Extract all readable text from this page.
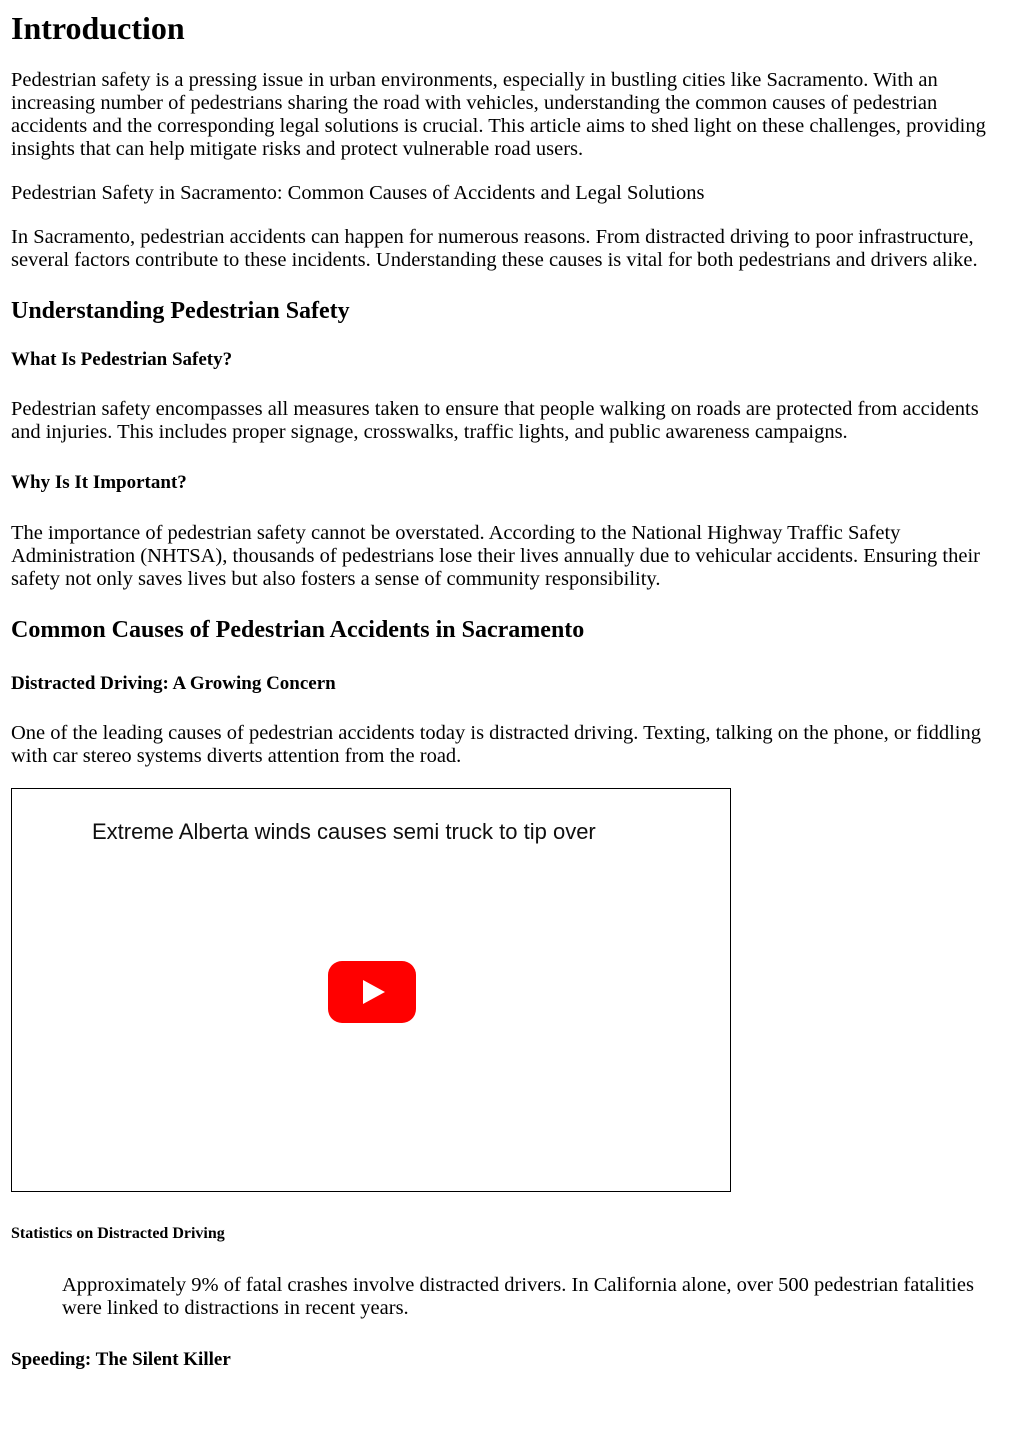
Introduction

Pedestrian safety is a pressing issue in urban environments, especially in bustling cities like Sacramento. With an increasing number of pedestrians sharing the road with vehicles, understanding the common causes of pedestrian accidents and the corresponding legal solutions is crucial. This article aims to shed light on these challenges, providing insights that can help mitigate risks and protect vulnerable road users.

Pedestrian Safety in Sacramento: Common Causes of Accidents and Legal Solutions

In Sacramento, pedestrian accidents can happen for numerous reasons. From distracted driving to poor infrastructure, several factors contribute to these incidents. Understanding these causes is vital for both pedestrians and drivers alike.

Understanding Pedestrian Safety
What Is Pedestrian Safety?

Pedestrian safety encompasses all measures taken to ensure that people walking on roads are protected from accidents and injuries. This includes proper signage, crosswalks, traffic lights, and public awareness campaigns.

Why Is It Important?

The importance of pedestrian safety cannot be overstated. According to the National Highway Traffic Safety Administration (NHTSA), thousands of pedestrians lose their lives annually due to vehicular accidents. Ensuring their safety not only saves lives but also fosters a sense of community responsibility.

Common Causes of Pedestrian Accidents in Sacramento
Distracted Driving: A Growing Concern

One of the leading causes of pedestrian accidents today is distracted driving. Texting, talking on the phone, or fiddling with car stereo systems diverts attention from the road.

Extreme Alberta winds causes semi truck to tip over
Statistics on Distracted Driving

Approximately 9% of fatal crashes involve distracted drivers. In California alone, over 500 pedestrian fatalities were linked to distractions in recent years.

Speeding: The Silent Killer
